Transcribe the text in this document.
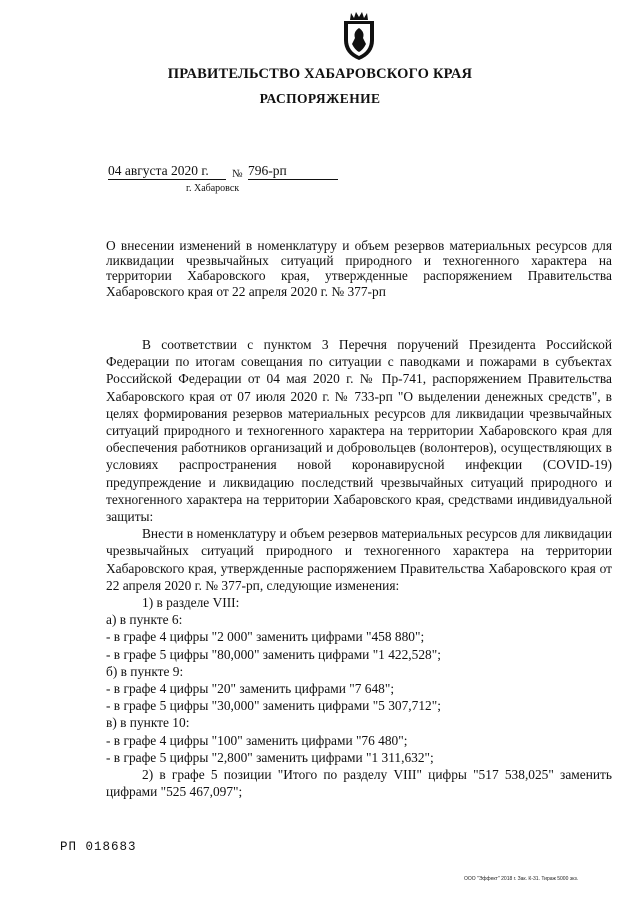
ПРАВИТЕЛЬСТВО ХАБАРОВСКОГО КРАЯ
РАСПОРЯЖЕНИЕ
04 августа 2020 г.	№ 796-рп
г. Хабаровск
О внесении изменений в номенклатуру и объем резервов материальных ресурсов для ликвидации чрезвычайных ситуаций природного и техногенного характера на территории Хабаровского края, утвержденные распоряжением Правительства Хабаровского края от 22 апреля 2020 г. № 377-рп

В соответствии с пунктом 3 Перечня поручений Президента Российской Федерации по итогам совещания по ситуации с паводками и пожарами в субъектах Российской Федерации от 04 мая 2020 г. № Пр-741, распоряжением Правительства Хабаровского края от 07 июля 2020 г. № 733-рп "О выделении денежных средств", в целях формирования резервов материальных ресурсов для ликвидации чрезвычайных ситуаций природного и техногенного характера на территории Хабаровского края для обеспечения работников организаций и добровольцев (волонтеров), осуществляющих в условиях распространения новой коронавирусной инфекции (COVID-19) предупреждение и ликвидацию последствий чрезвычайных ситуаций природного и техногенного характера на территории Хабаровского края, средствами индивидуальной защиты:

Внести в номенклатуру и объем резервов материальных ресурсов для ликвидации чрезвычайных ситуаций природного и техногенного характера на территории Хабаровского края, утвержденные распоряжением Правительства Хабаровского края от 22 апреля 2020 г. № 377-рп, следующие изменения:

1) в разделе VIII:

а) в пункте 6:

- в графе 4 цифры "2 000" заменить цифрами "458 880";

- в графе 5 цифры "80,000" заменить цифрами "1 422,528";

б) в пункте 9:

- в графе 4 цифры "20" заменить цифрами "7 648";

- в графе 5 цифры "30,000" заменить цифрами "5 307,712";

в) в пункте 10:

- в графе 4 цифры "100" заменить цифрами "76 480";

- в графе 5 цифры "2,800" заменить цифрами "1 311,632";

2) в графе 5 позиции "Итого по разделу VIII" цифры "517 538,025" заменить цифрами "525 467,097";

РП 018683
ООО "Эффект" 2018 г. Зак. К-31. Тираж 5000 экз.
